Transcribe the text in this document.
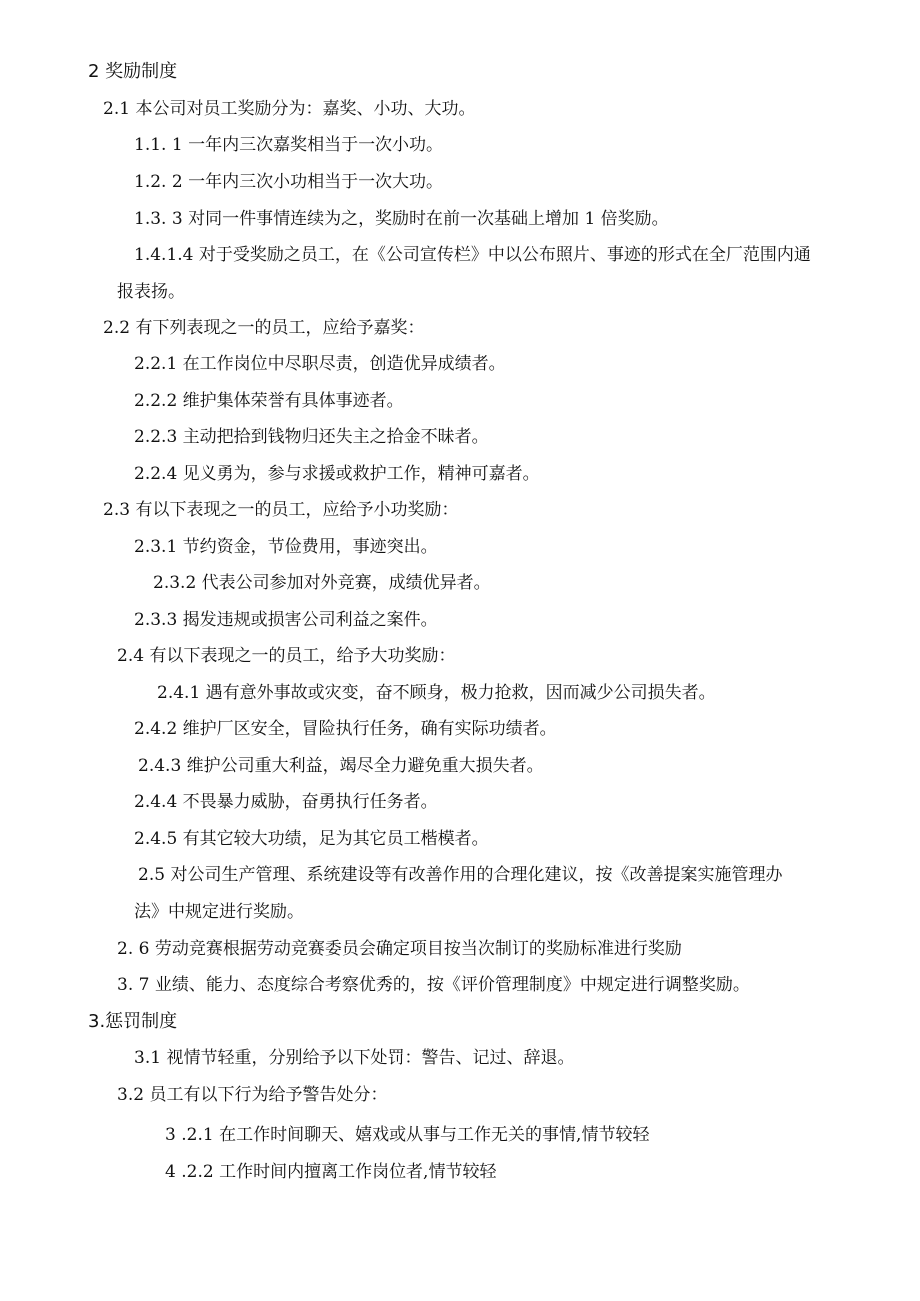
2 奖励制度
2.1 本公司对员工奖励分为：嘉奖、小功、大功。
1.1. 1 一年内三次嘉奖相当于一次小功。
1.2. 2 一年内三次小功相当于一次大功。
1.3. 3 对同一件事情连续为之，奖励时在前一次基础上增加 1 倍奖励。
1.4.1.4 对于受奖励之员工，在《公司宣传栏》中以公布照片、事迹的形式在全厂范围内通
报表扬。
2.2 有下列表现之一的员工，应给予嘉奖：
2.2.1 在工作岗位中尽职尽责，创造优异成绩者。
2.2.2 维护集体荣誉有具体事迹者。
2.2.3 主动把拾到钱物归还失主之拾金不昧者。
2.2.4 见义勇为，参与求援或救护工作，精神可嘉者。
2.3 有以下表现之一的员工，应给予小功奖励：
2.3.1 节约资金，节俭费用，事迹突出。
2.3.2 代表公司参加对外竞赛，成绩优异者。
2.3.3 揭发违规或损害公司利益之案件。
2.4 有以下表现之一的员工，给予大功奖励：
2.4.1 遇有意外事故或灾变，奋不顾身，极力抢救，因而减少公司损失者。
2.4.2 维护厂区安全，冒险执行任务，确有实际功绩者。
2.4.3 维护公司重大利益，竭尽全力避免重大损失者。
2.4.4 不畏暴力威胁，奋勇执行任务者。
2.4.5 有其它较大功绩，足为其它员工楷模者。
2.5 对公司生产管理、系统建设等有改善作用的合理化建议，按《改善提案实施管理办
法》中规定进行奖励。
2. 6 劳动竞赛根据劳动竞赛委员会确定项目按当次制订的奖励标准进行奖励
3. 7 业绩、能力、态度综合考察优秀的，按《评价管理制度》中规定进行调整奖励。
3.惩罚制度
3.1 视情节轻重，分别给予以下处罚：警告、记过、辞退。
3.2 员工有以下行为给予警告处分：
3 .2.1 在工作时间聊天、嬉戏或从事与工作无关的事情,情节较轻
4 .2.2 工作时间内擅离工作岗位者,情节较轻
